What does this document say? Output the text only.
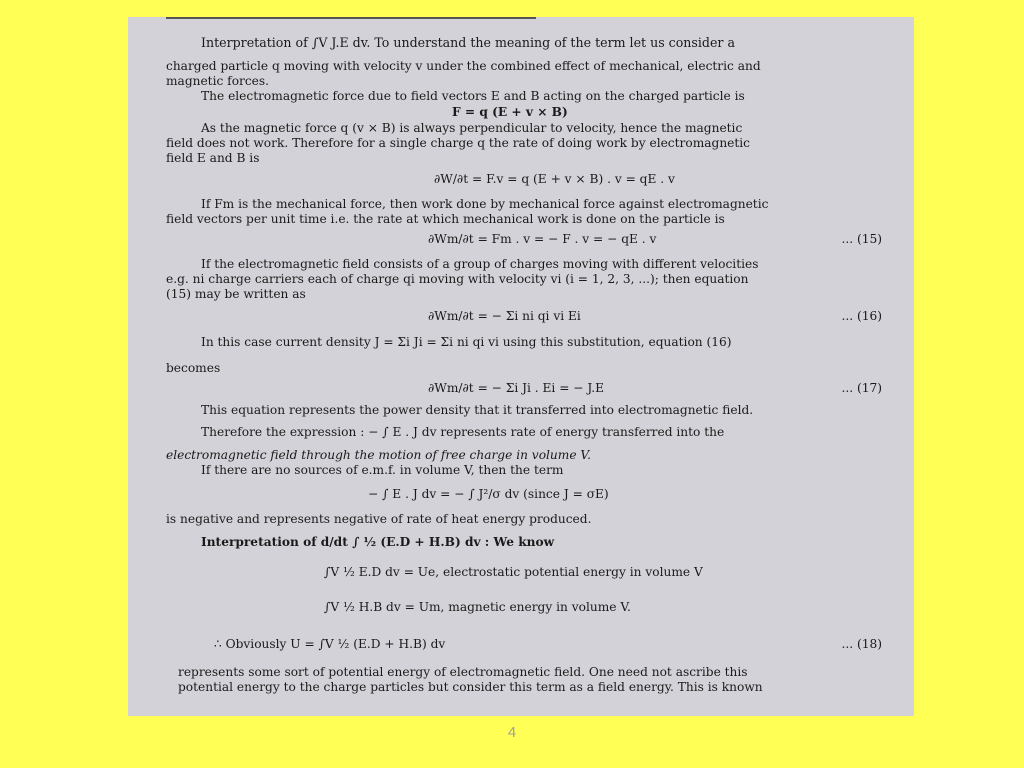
Interpretation of ∫V J.E dv. To understand the meaning of the term let us consider a
charged particle q moving with velocity v under the combined effect of mechanical, electric and
magnetic forces.
The electromagnetic force due to field vectors E and B acting on the charged particle is
F = q (E + v × B)
As the magnetic force q (v × B) is always perpendicular to velocity, hence the magnetic
field does not work. Therefore for a single charge q the rate of doing work by electromagnetic
field E and B is
∂W/∂t = F.v = q (E + v × B) . v = qE . v
If Fm is the mechanical force, then work done by mechanical force against electromagnetic
field vectors per unit time i.e. the rate at which mechanical work is done on the particle is
∂Wm/∂t = Fm . v = − F . v = − qE . v	... (15)
If the electromagnetic field consists of a group of charges moving with different velocities
e.g. ni charge carriers each of charge qi moving with velocity vi (i = 1, 2, 3, ...); then equation
(15) may be written as
∂Wm/∂t = − Σi ni qi vi Ei	... (16)
In this case current density J = Σi Ji = Σi ni qi vi using this substitution, equation (16)
becomes
∂Wm/∂t = − Σi Ji . Ei = − J.E	... (17)
This equation represents the power density that it transferred into electromagnetic field.
Therefore the expression : − ∫ E . J dv represents rate of energy transferred into the
electromagnetic field through the motion of free charge in volume V.
If there are no sources of e.m.f. in volume V, then the term
− ∫ E . J dv = − ∫ J²/σ dv (since J = σE)
is negative and represents negative of rate of heat energy produced.
Interpretation of d/dt ∫ ½ (E.D + H.B) dv : We know
∫V ½ E.D dv = Ue, electrostatic potential energy in volume V
∫V ½ H.B dv = Um, magnetic energy in volume V.
∴ Obviously U = ∫V ½ (E.D + H.B) dv	... (18)
represents some sort of potential energy of electromagnetic field. One need not ascribe this
potential energy to the charge particles but consider this term as a field energy. This is known
4
